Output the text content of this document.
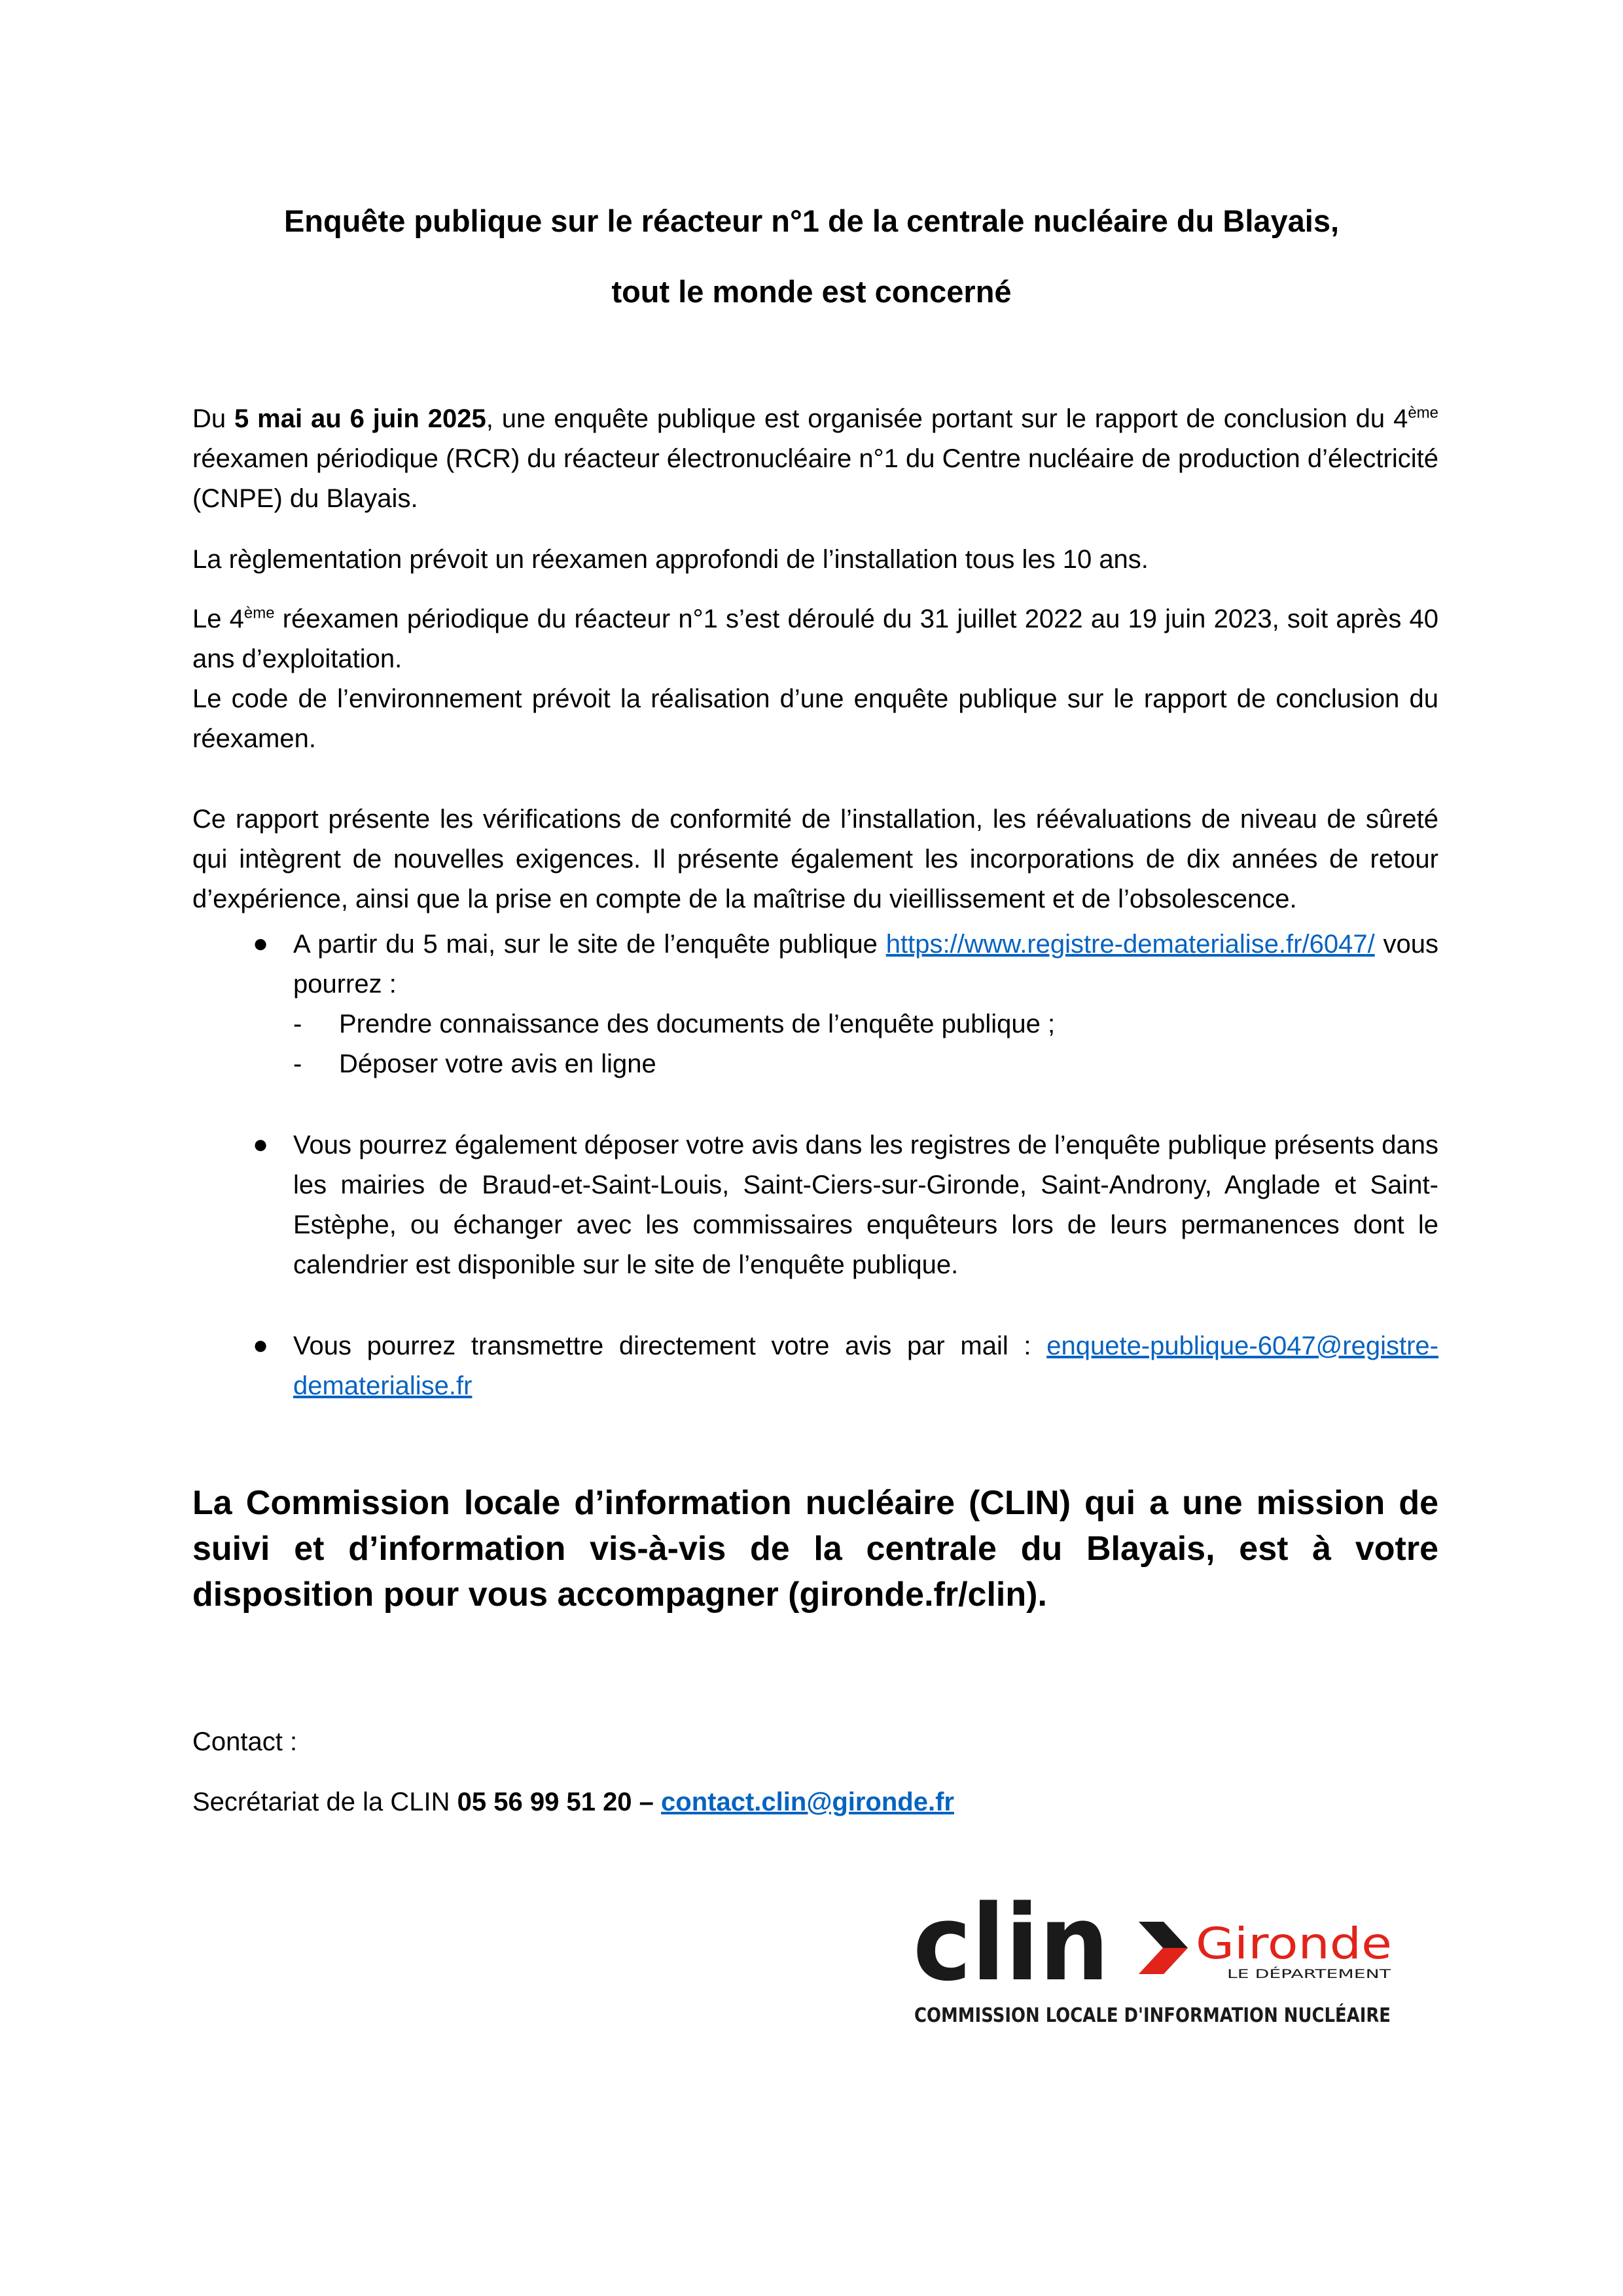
Enquête publique sur le réacteur n°1 de la centrale nucléaire du Blayais,
tout le monde est concerné

Du 5 mai au 6 juin 2025, une enquête publique est organisée portant sur le rapport de conclusion du 4ème réexamen périodique (RCR) du réacteur électronucléaire n°1 du Centre nucléaire de production d’électricité (CNPE) du Blayais.

La règlementation prévoit un réexamen approfondi de l’installation tous les 10 ans.

Le 4ème réexamen périodique du réacteur n°1 s’est déroulé du 31 juillet 2022 au 19 juin 2023, soit après 40 ans d’exploitation.
Le code de l’environnement prévoit la réalisation d’une enquête publique sur le rapport de conclusion du réexamen.

Ce rapport présente les vérifications de conformité de l’installation, les réévaluations de niveau de sûreté qui intègrent de nouvelles exigences. Il présente également les incorporations de dix années de retour d’expérience, ainsi que la prise en compte de la maîtrise du vieillissement et de l’obsolescence.

● A partir du 5 mai, sur le site de l’enquête publique https://www.registre-dematerialise.fr/6047/ vous pourrez :

- Prendre connaissance des documents de l’enquête publique ;
- Déposer votre avis en ligne
● Vous pourrez également déposer votre avis dans les registres de l’enquête publique présents dans les mairies de Braud-et-Saint-Louis, Saint-Ciers-sur-Gironde, Saint-Androny, Anglade et Saint-Estèphe, ou échanger avec les commissaires enquêteurs lors de leurs permanences dont le calendrier est disponible sur le site de l’enquête publique.

● Vous pourrez transmettre directement votre avis par mail : enquete-publique-6047@registre-dematerialise.fr

La Commission locale d’information nucléaire (CLIN) qui a une mission de suivi et d’information vis-à-vis de la centrale du Blayais, est à votre disposition pour vous accompagner (gironde.fr/clin).

Contact :
Secrétariat de la CLIN 05 56 99 51 20 – contact.clin@gironde.fr
clin Gironde
LE DÉPARTEMENT
COMMISSION LOCALE D'INFORMATION NUCLÉAIRE
